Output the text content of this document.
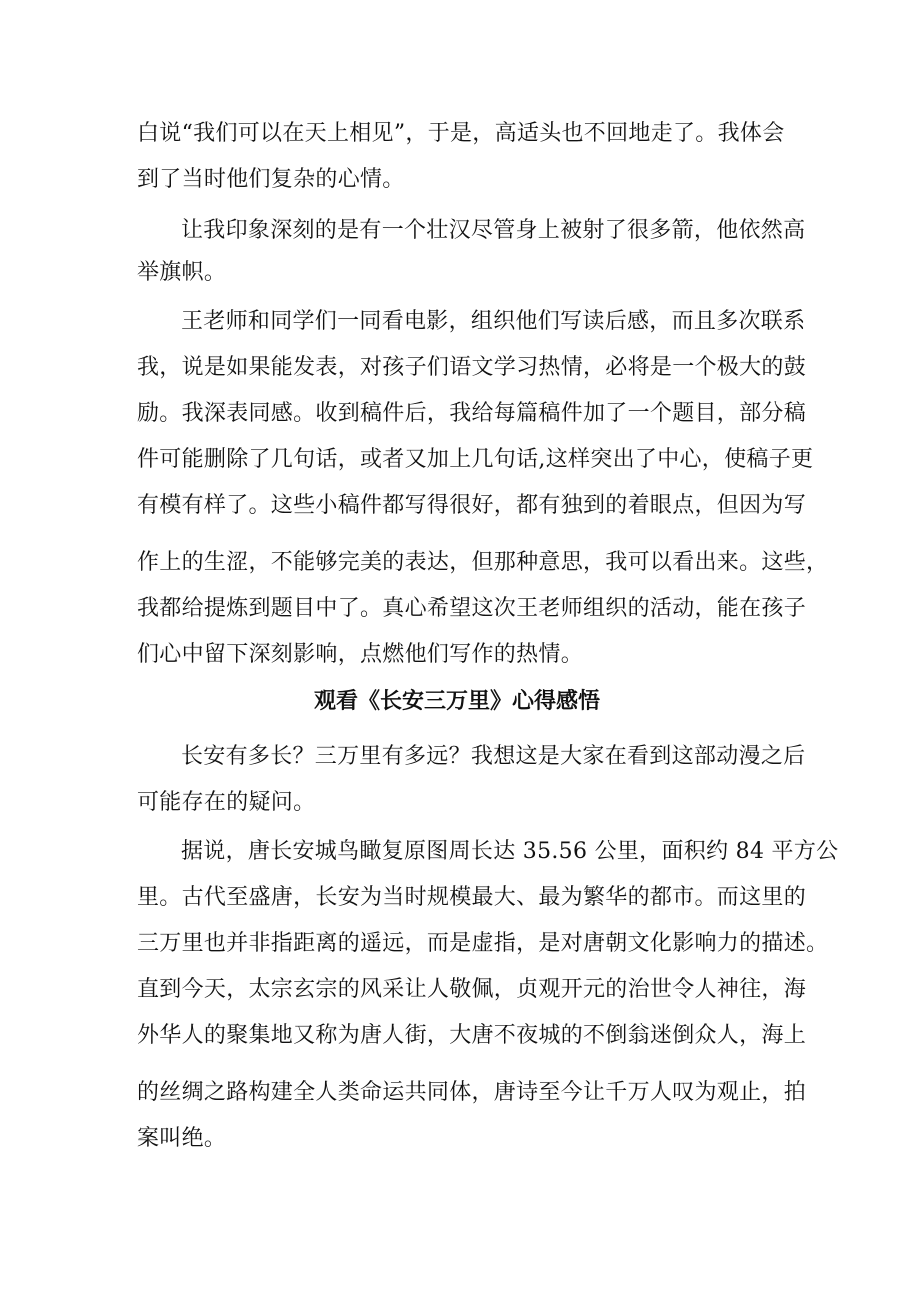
白说“我们可以在天上相见”，于是，高适头也不回地走了。我体会
到了当时他们复杂的心情。
让我印象深刻的是有一个壮汉尽管身上被射了很多箭，他依然高
举旗帜。
王老师和同学们一同看电影，组织他们写读后感，而且多次联系
我，说是如果能发表，对孩子们语文学习热情，必将是一个极大的鼓
励。我深表同感。收到稿件后，我给每篇稿件加了一个题目，部分稿
件可能删除了几句话，或者又加上几句话,这样突出了中心，使稿子更
有模有样了。这些小稿件都写得很好，都有独到的着眼点，但因为写
作上的生涩，不能够完美的表达，但那种意思，我可以看出来。这些，
我都给提炼到题目中了。真心希望这次王老师组织的活动，能在孩子
们心中留下深刻影响，点燃他们写作的热情。
观看《长安三万里》心得感悟
长安有多长？三万里有多远？我想这是大家在看到这部动漫之后
可能存在的疑问。
据说，唐长安城鸟瞰复原图周长达 35.56 公里，面积约 84 平方公
里。古代至盛唐，长安为当时规模最大、最为繁华的都市。而这里的
三万里也并非指距离的遥远，而是虚指，是对唐朝文化影响力的描述。
直到今天，太宗玄宗的风采让人敬佩，贞观开元的治世令人神往，海
外华人的聚集地又称为唐人街，大唐不夜城的不倒翁迷倒众人，海上
的丝绸之路构建全人类命运共同体，唐诗至今让千万人叹为观止，拍
案叫绝。
